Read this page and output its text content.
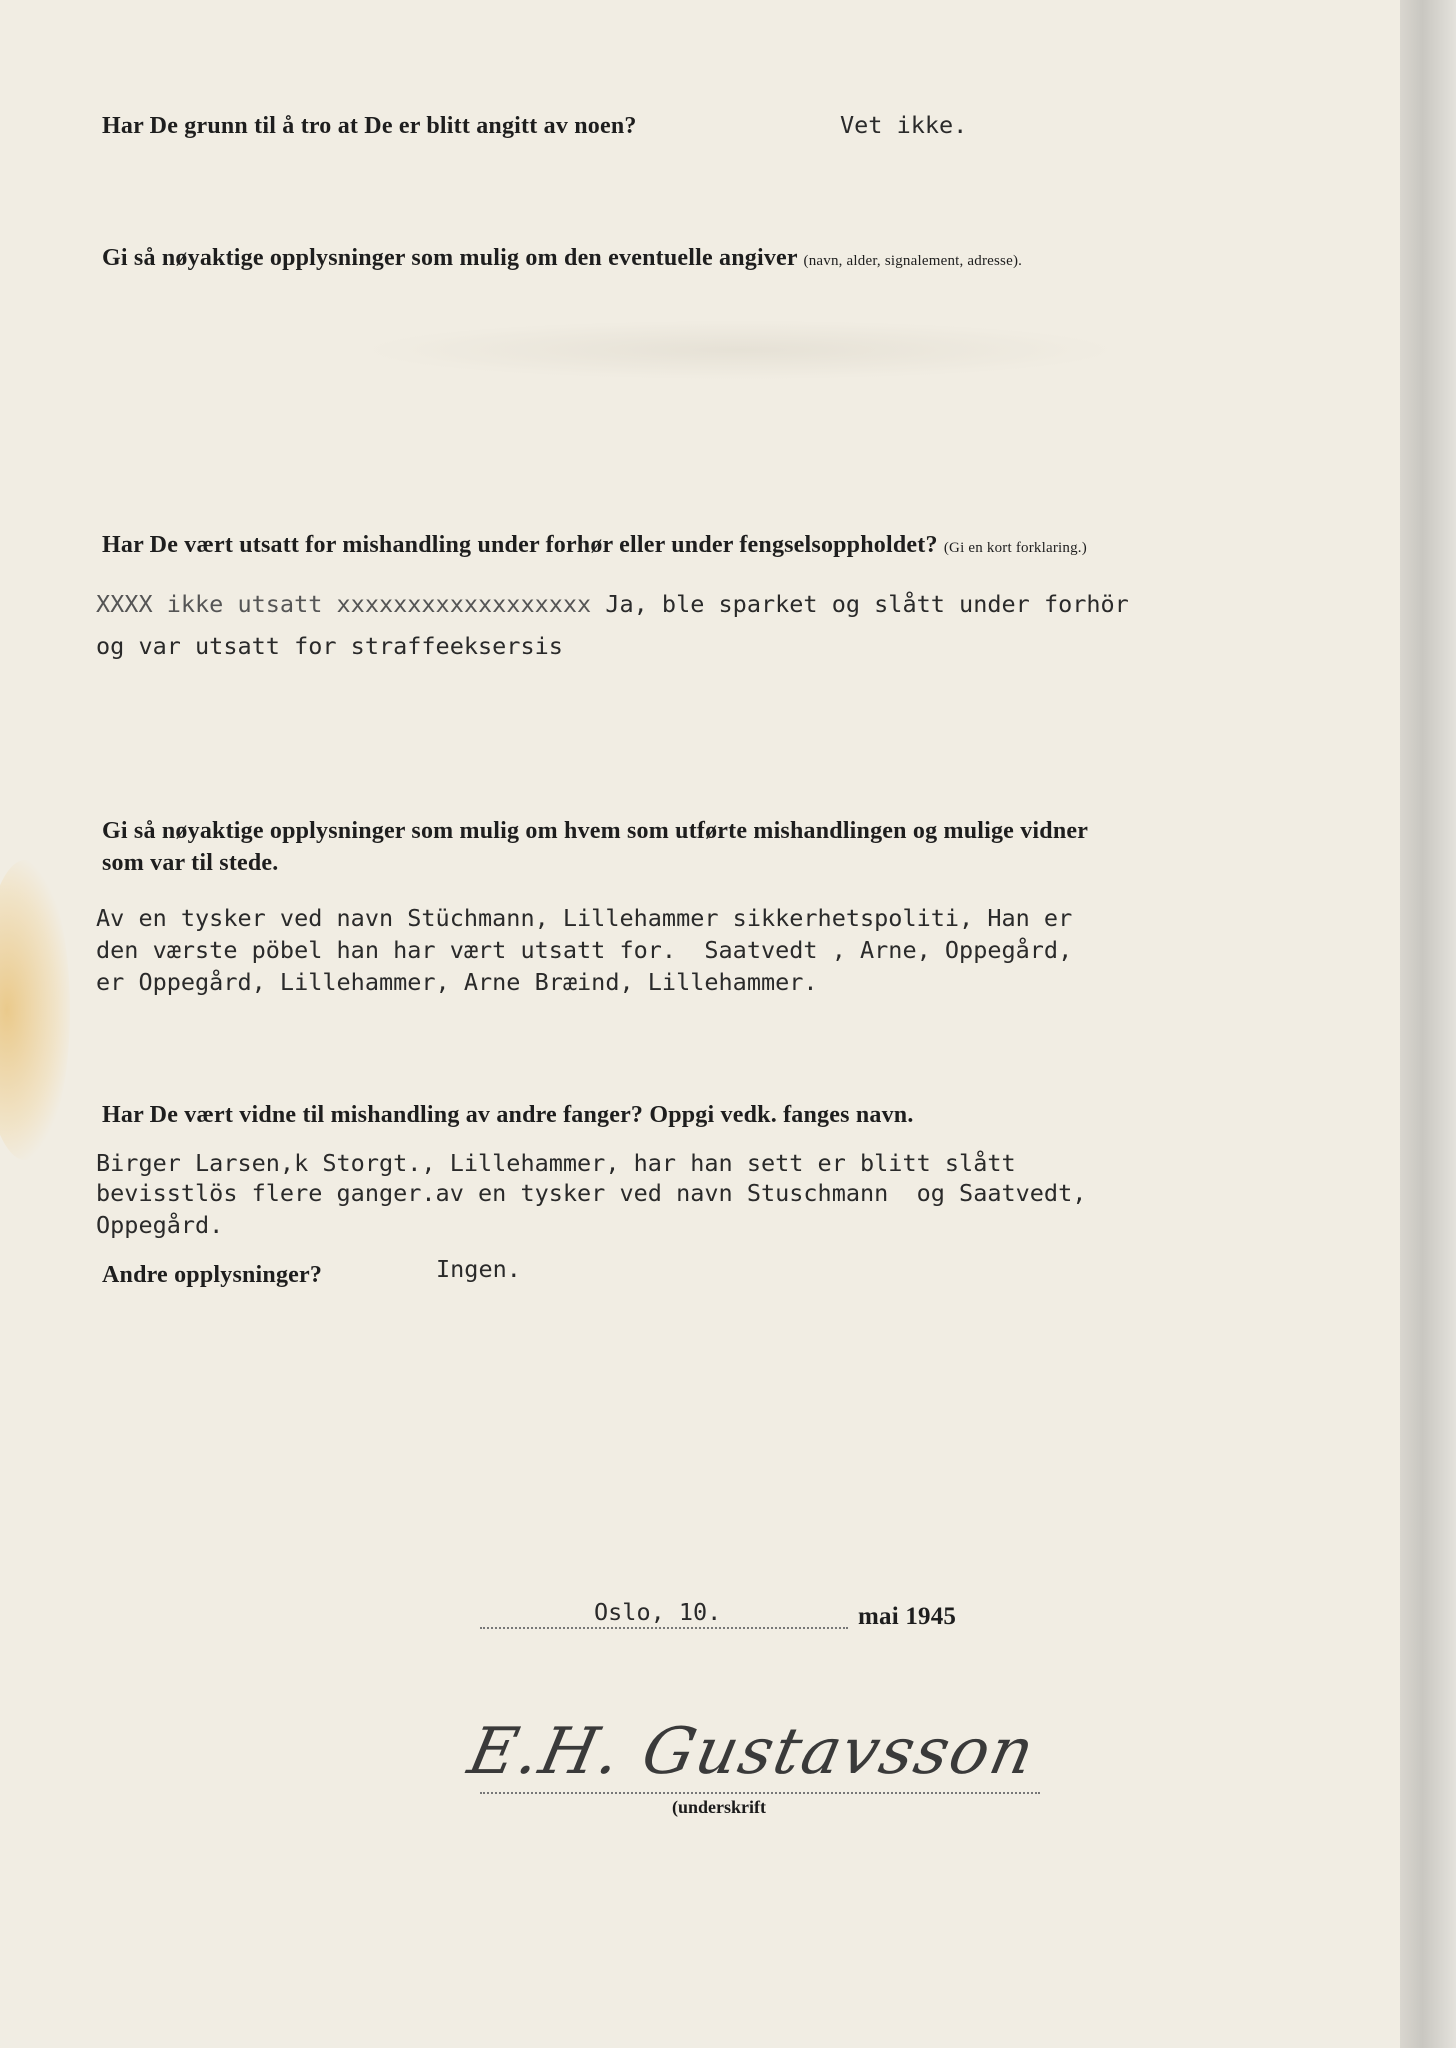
Har De grunn til å tro at De er blitt angitt av noen?	Vet ikke.
Gi så nøyaktige opplysninger som mulig om den eventuelle angiver (navn, alder, signalement, adresse).
Har De vært utsatt for mishandling under forhør eller under fengselsoppholdet? (Gi en kort forklaring.)
XXXX ikke utsatt xxxxxxxxxxxxxxxxxx Ja, ble sparket og slått under forhör
og var utsatt for straffeeksersis
Gi så nøyaktige opplysninger som mulig om hvem som utførte mishandlingen og mulige vidner
som var til stede.
Av en tysker ved navn Stüchmann, Lillehammer sikkerhetspoliti, Han er
den værste pöbel han har vært utsatt for.  Saatvedt , Arne, Oppegård,
er Oppegård, Lillehammer, Arne Bræind, Lillehammer.
Har De vært vidne til mishandling av andre fanger? Oppgi vedk. fanges navn.
Birger Larsen,k Storgt., Lillehammer, har han sett er blitt slått
bevisstlös flere ganger.av en tysker ved navn Stuschmann  og Saatvedt,
Oppegård.
Andre opplysninger?	Ingen.
Oslo, 10.	mai 1945
E.H. Gustavsson
(underskrift
